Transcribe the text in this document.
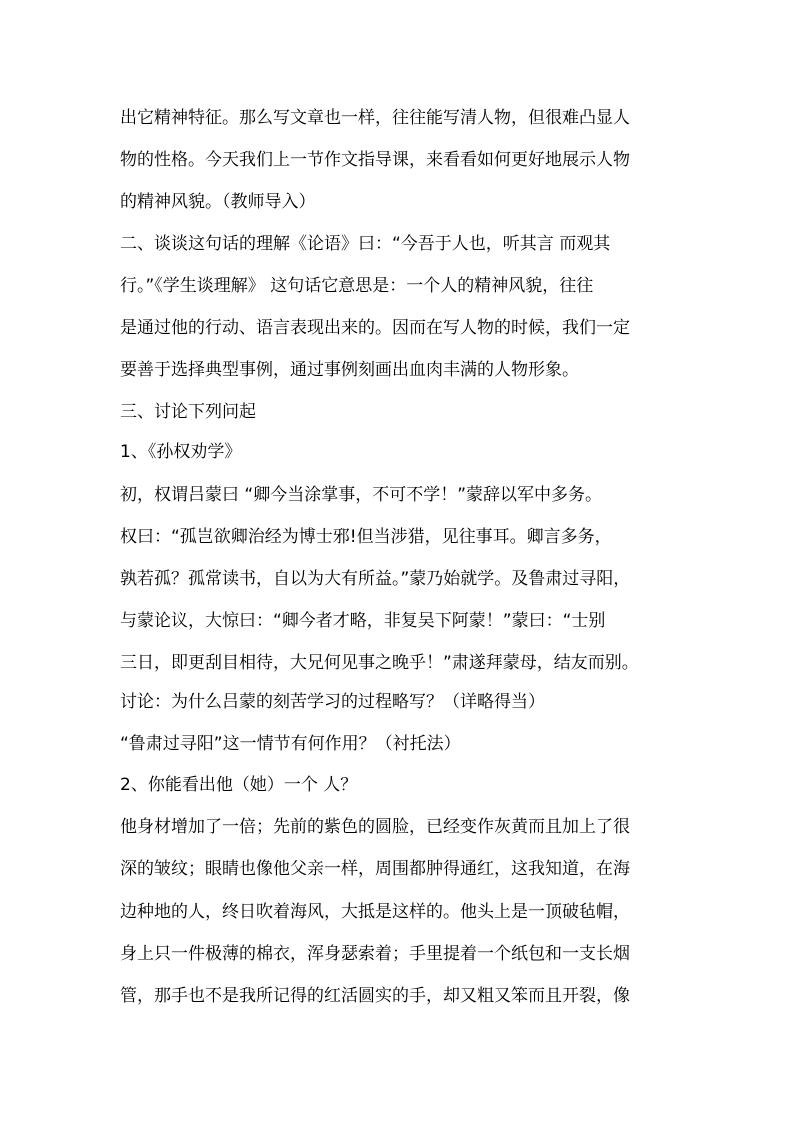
出它精神特征。那么写文章也一样，往往能写清人物，但很难凸显人
物的性格。今天我们上一节作文指导课，来看看如何更好地展示人物
的精神风貌。（教师导入）
二、谈谈这句话的理解《论语》曰：“今吾于人也，听其言 而观其
行。”《学生谈理解》 这句话它意思是：一个人的精神风貌，往往
是通过他的行动、语言表现出来的。因而在写人物的时候，我们一定
要善于选择典型事例，通过事例刻画出血肉丰满的人物形象。
三、讨论下列问起
1、《孙权劝学》
初，权谓吕蒙曰 “卿今当涂掌事，不可不学！”蒙辞以军中多务。
权曰：“孤岂欲卿治经为博士邪!但当涉猎，见往事耳。卿言多务，
孰若孤？孤常读书，自以为大有所益。”蒙乃始就学。及鲁肃过寻阳，
与蒙论议，大惊曰：“卿今者才略，非复吴下阿蒙！”蒙曰：“士别
三日，即更刮目相待，大兄何见事之晚乎！”肃遂拜蒙母，结友而别。
讨论：为什么吕蒙的刻苦学习的过程略写？（详略得当）
“鲁肃过寻阳”这一情节有何作用？（衬托法）
2、你能看出他（她）一个 人？
他身材增加了一倍；先前的紫色的圆脸，已经变作灰黄而且加上了很
深的皱纹；眼睛也像他父亲一样，周围都肿得通红，这我知道，在海
边种地的人，终日吹着海风，大抵是这样的。他头上是一顶破毡帽，
身上只一件极薄的棉衣，浑身瑟索着；手里提着一个纸包和一支长烟
管，那手也不是我所记得的红活圆实的手，却又粗又笨而且开裂，像
